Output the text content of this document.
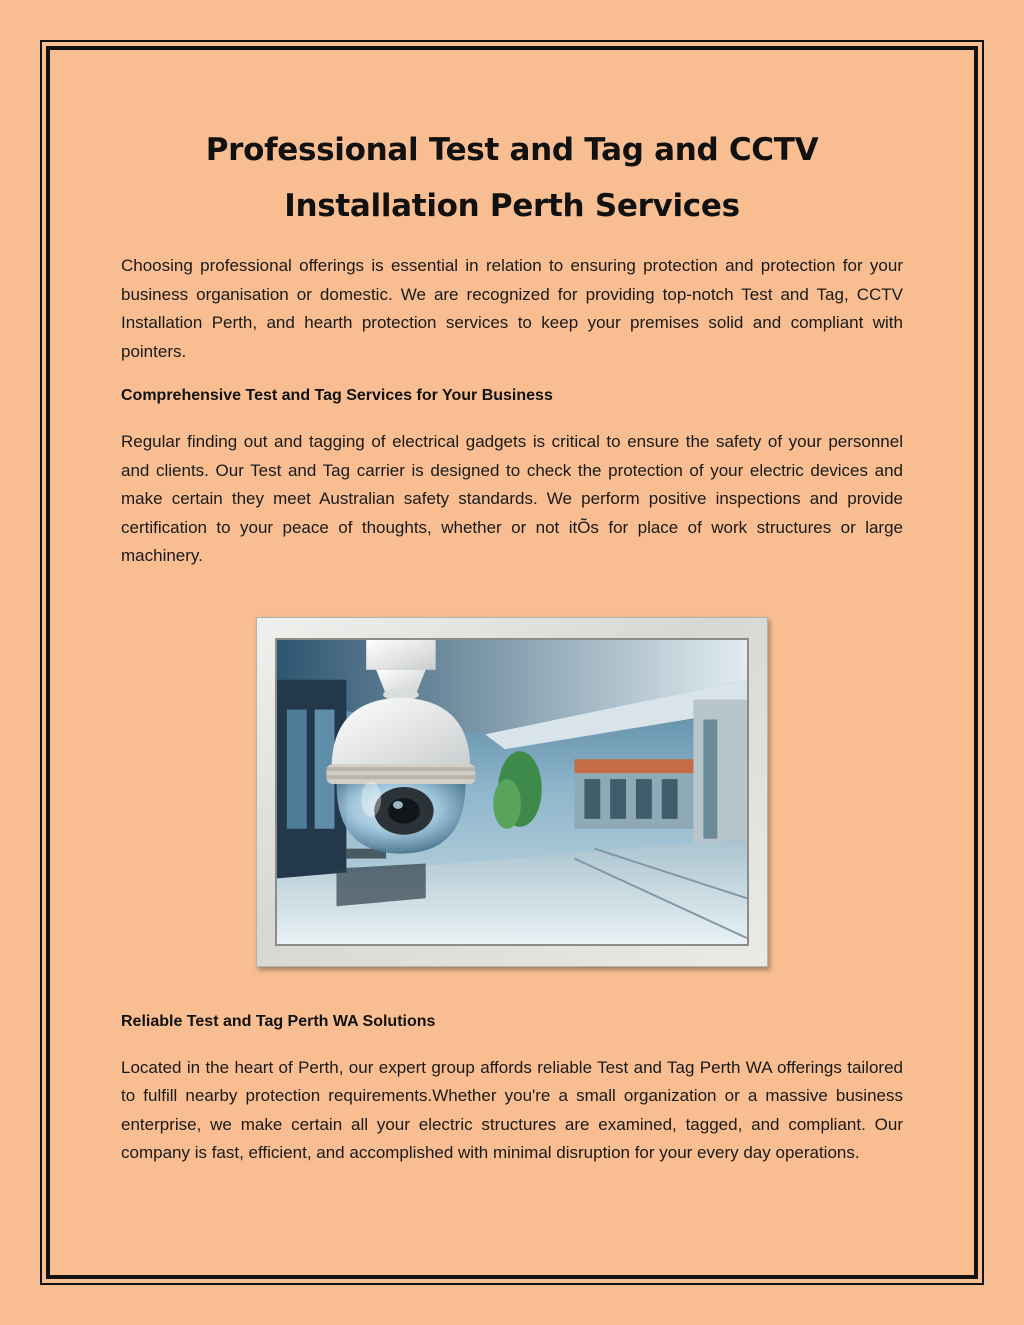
Professional Test and Tag and CCTV Installation Perth Services

Choosing professional offerings is essential in relation to ensuring protection and protection for your business organisation or domestic. We are recognized for providing top-notch Test and Tag, CCTV Installation Perth, and hearth protection services to keep your premises solid and compliant with pointers.

Comprehensive Test and Tag Services for Your Business

Regular finding out and tagging of electrical gadgets is critical to ensure the safety of your personnel and clients. Our Test and Tag carrier is designed to check the protection of your electric devices and make certain they meet Australian safety standards. We perform positive inspections and provide certification to your peace of thoughts, whether or not itÕs for place of work structures or large machinery.

Reliable Test and Tag Perth WA Solutions

Located in the heart of Perth, our expert group affords reliable Test and Tag Perth WA offerings tailored to fulfill nearby protection requirements.Whether you're a small organization or a massive business enterprise, we make certain all your electric structures are examined, tagged, and compliant. Our company is fast, efficient, and accomplished with minimal disruption for your every day operations.
